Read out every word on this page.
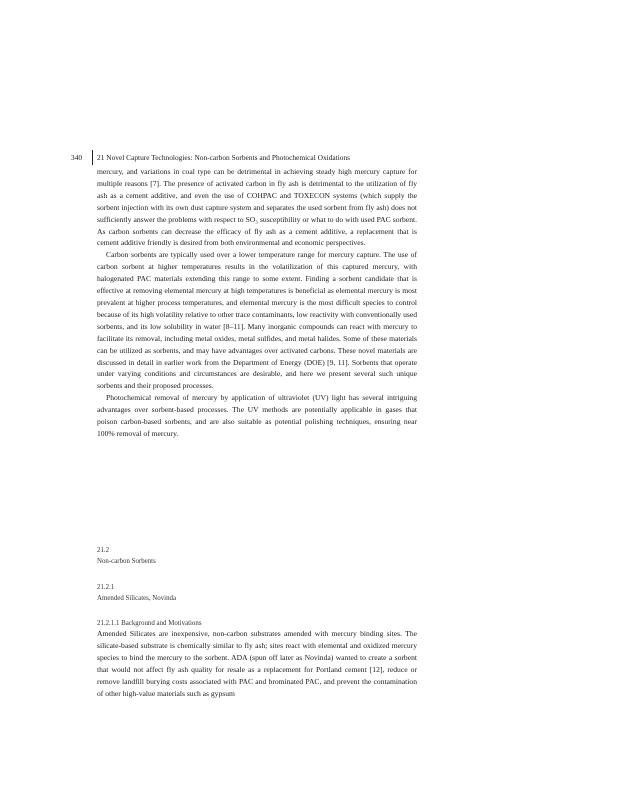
340 21 Novel Capture Technologies: Non-carbon Sorbents and Photochemical Oxidations

mercury, and variations in coal type can be detrimental in achieving steady high mercury capture for multiple reasons [7]. The presence of activated carbon in fly ash is detrimental to the utilization of fly ash as a cement additive, and even the use of COHPAC and TOXECON systems (which supply the sorbent injection with its own dust capture system and separates the used sorbent from fly ash) does not sufficiently answer the problems with respect to SO₃ susceptibility or what to do with used PAC sorbent. As carbon sorbents can decrease the efficacy of fly ash as a cement additive, a replacement that is cement additive friendly is desired from both environmental and economic perspectives.

Carbon sorbents are typically used over a lower temperature range for mercury capture. The use of carbon sorbent at higher temperatures results in the volatilization of this captured mercury, with halogenated PAC materials extending this range to some extent. Finding a sorbent candidate that is effective at removing elemental mercury at high temperatures is beneficial as elemental mercury is most prevalent at higher process temperatures, and elemental mercury is the most difficult species to control because of its high volatility relative to other trace contaminants, low reactivity with conventionally used sorbents, and its low solubility in water [8–11]. Many inorganic compounds can react with mercury to facilitate its removal, including metal oxides, metal sulfides, and metal halides. Some of these materials can be utilized as sorbents, and may have advantages over activated carbons. These novel materials are discussed in detail in earlier work from the Department of Energy (DOE) [9, 11]. Sorbents that operate under varying conditions and circumstances are desirable, and here we present several such unique sorbents and their proposed processes.

Photochemical removal of mercury by application of ultraviolet (UV) light has several intriguing advantages over sorbent-based processes. The UV methods are potentially applicable in gases that poison carbon-based sorbents, and are also suitable as potential polishing techniques, ensuring near 100% removal of mercury.

21.2
Non-carbon Sorbents
21.2.1
Amended Silicates, Novinda
21.2.1.1 Background and Motivations

Amended Silicates are inexpensive, non-carbon substrates amended with mercury binding sites. The silicate-based substrate is chemically similar to fly ash; sites react with elemental and oxidized mercury species to bind the mercury to the sorbent. ADA (spun off later as Novinda) wanted to create a sorbent that would not affect fly ash quality for resale as a replacement for Portland cement [12], reduce or remove landfill burying costs associated with PAC and brominated PAC, and prevent the contamination of other high-value materials such as gypsum
